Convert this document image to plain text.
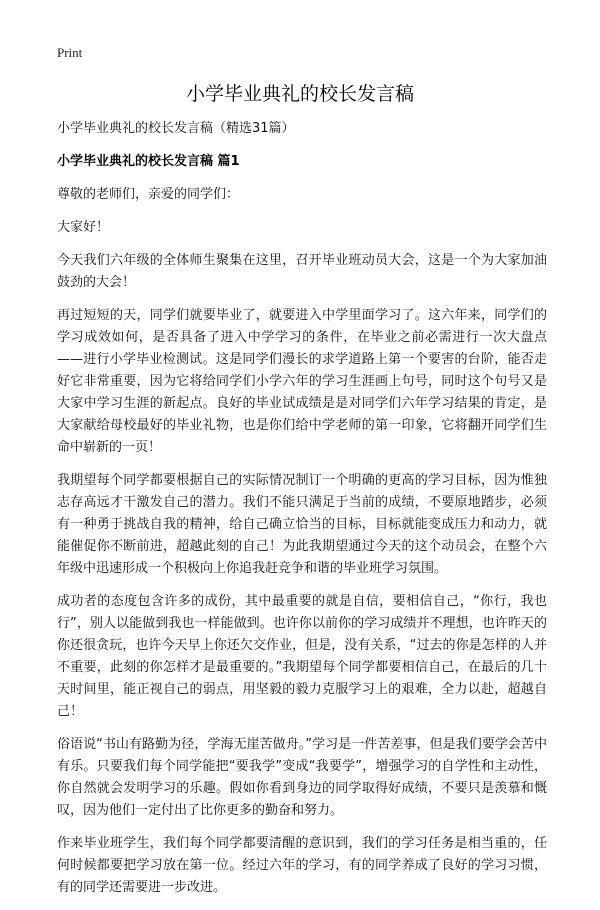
Print
小学毕业典礼的校长发言稿

小学毕业典礼的校长发言稿（精选31篇）

小学毕业典礼的校长发言稿 篇1

尊敬的老师们，亲爱的同学们：

大家好！

今天我们六年级的全体师生聚集在这里，召开毕业班动员大会，这是一个为大家加油鼓劲的大会！

再过短短的天，同学们就要毕业了，就要进入中学里面学习了。这六年来，同学们的学习成效如何，是否具备了进入中学学习的条件，在毕业之前必需进行一次大盘点——进行小学毕业检测试。这是同学们漫长的求学道路上第一个要害的台阶，能否走好它非常重要，因为它将给同学们小学六年的学习生涯画上句号，同时这个句号又是大家中学习生涯的新起点。良好的毕业试成绩是是对同学们六年学习结果的肯定，是大家献给母校最好的毕业礼物，也是你们给中学老师的第一印象，它将翻开同学们生命中崭新的一页！

我期望每个同学都要根据自己的实际情况制订一个明确的更高的学习目标，因为惟独志存高远才干激发自己的潜力。我们不能只满足于当前的成绩，不要原地踏步，必须有一种勇于挑战自我的精神，给自己确立恰当的目标，目标就能变成压力和动力，就能催促你不断前进，超越此刻的自己！为此我期望通过今天的这个动员会，在整个六年级中迅速形成一个积极向上你追我赶竞争和谐的毕业班学习氛围。

成功者的态度包含许多的成份，其中最重要的就是自信，要相信自己，“你行，我也行”，别人以能做到我也一样能做到。也许你以前你的学习成绩并不理想，也许昨天的你还很贪玩，也许今天早上你还欠交作业，但是，没有关系，“过去的你是怎样的人并不重要，此刻的你怎样才是最重要的。”我期望每个同学都要相信自己，在最后的几十天时间里，能正视自己的弱点，用坚毅的毅力克服学习上的艰难，全力以赴，超越自己！

俗语说“书山有路勤为径，学海无崖苦做舟。”学习是一件苦差事，但是我们要学会苦中有乐。只要我们每个同学能把“要我学”变成“我要学”，增强学习的自学性和主动性，你自然就会发明学习的乐趣。假如你看到身边的同学取得好成绩，不要只是羡慕和慨叹，因为他们一定付出了比你更多的勤奋和努力。

作来毕业班学生，我们每个同学都要清醒的意识到，我们的学习任务是相当重的，任何时候都要把学习放在第一位。经过六年的学习，有的同学养成了良好的学习习惯，有的同学还需要进一步改进。
